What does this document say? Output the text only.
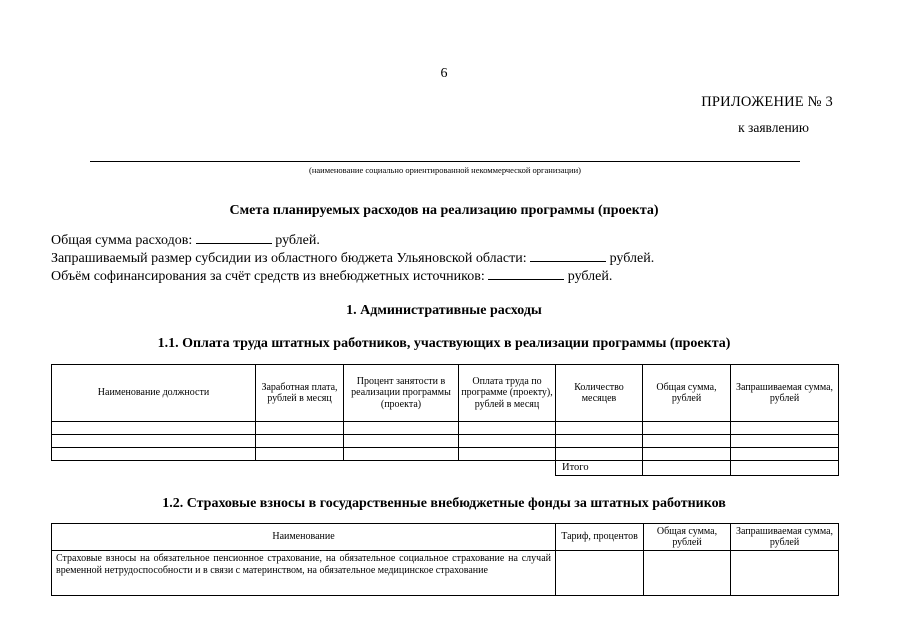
6
ПРИЛОЖЕНИЕ № 3
к заявлению
(наименование социально ориентированной некоммерческой организации)
Смета планируемых расходов на реализацию программы (проекта)
Общая сумма расходов:	рублей.
Запрашиваемый размер субсидии из областного бюджета Ульяновской области:	рублей.
Объём софинансирования за счёт средств из внебюджетных источников:	рублей.
1. Административные расходы
1.1. Оплата труда штатных работников, участвующих в реализации программы (проекта)
Наименование должности	Заработная плата, рублей в месяц	Процент занятости в реализации программы (проекта)	Оплата труда по программе (проекту), рублей в месяц	Количество месяцев	Общая сумма, рублей	Запрашиваемая сумма, рублей

				Итого		
1.2. Страховые взносы в государственные внебюджетные фонды за штатных работников
Наименование	Тариф, процентов	Общая сумма, рублей	Запрашиваемая сумма, рублей
Страховые взносы на обязательное пенсионное страхование, на обязательное социальное страхование на случай временной нетрудоспособности и в связи с материнством, на обязательное медицинское страхование			
